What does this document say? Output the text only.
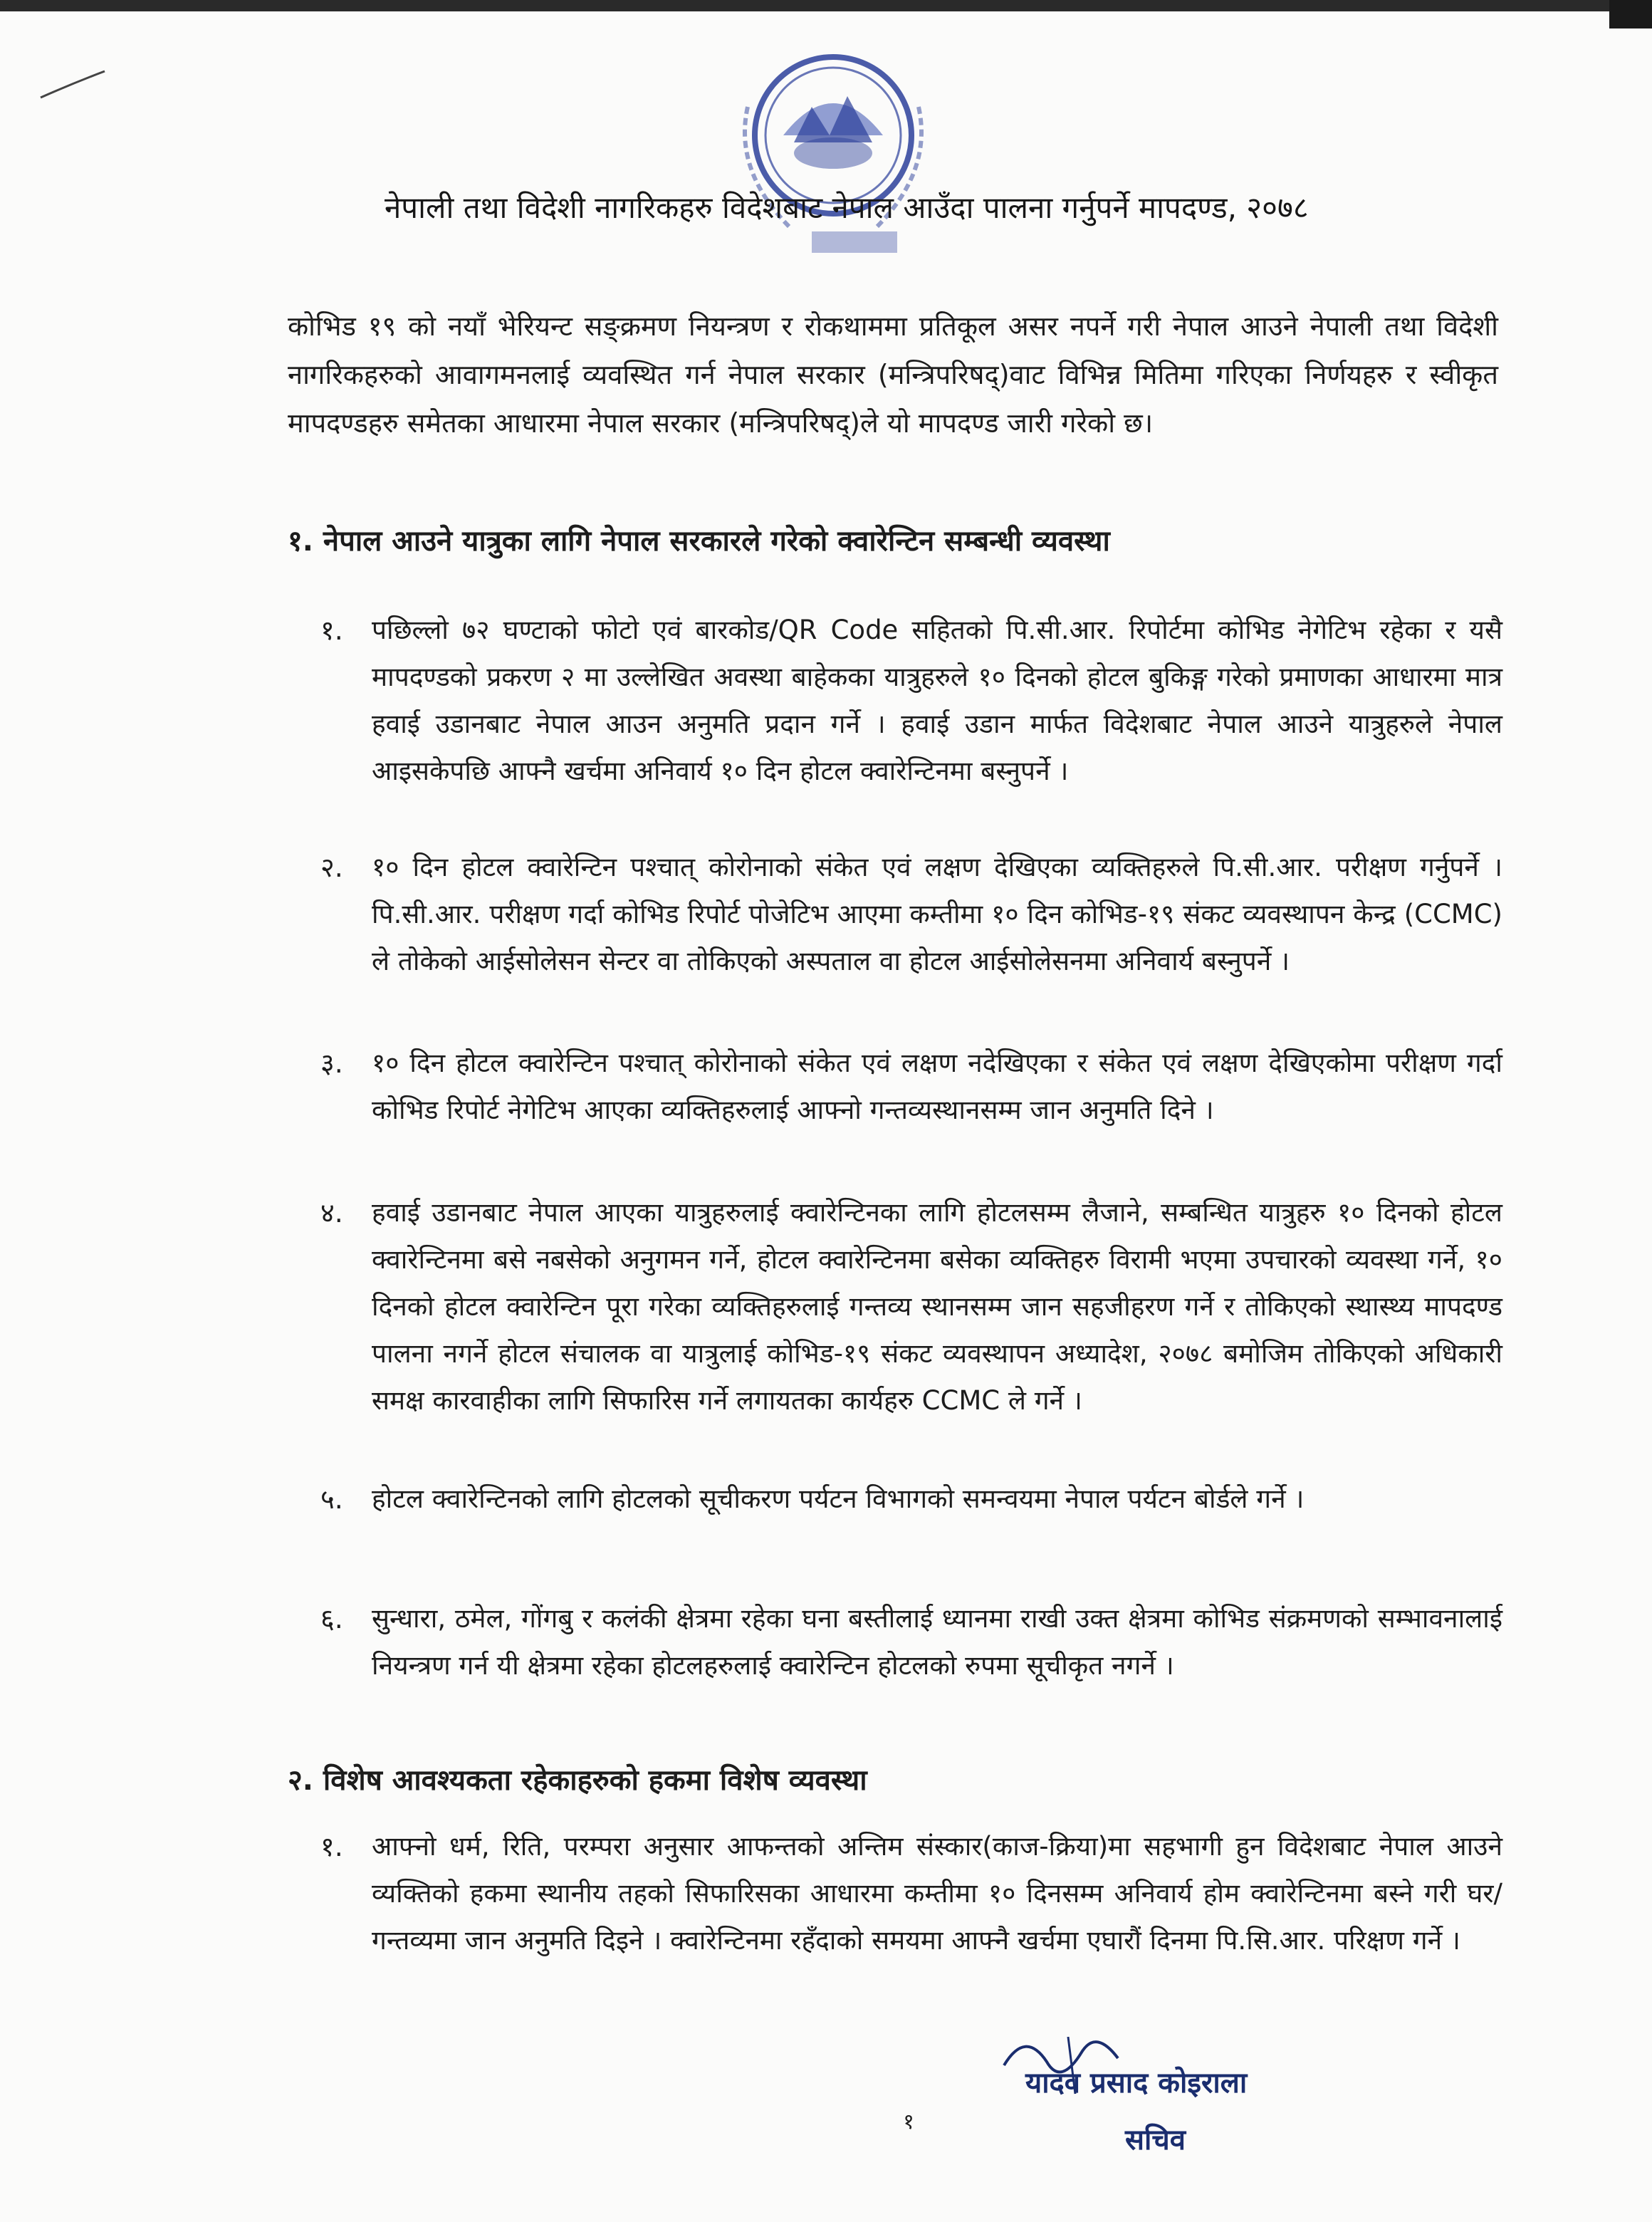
नेपाली तथा विदेशी नागरिकहरु विदेशबाट नेपाल आउँदा पालना गर्नुपर्ने मापदण्ड, २०७८
कोभिड १९ को नयाँ भेरियन्ट सङ्क्रमण नियन्त्रण र रोकथाममा प्रतिकूल असर नपर्ने गरी नेपाल आउने नेपाली तथा विदेशी नागरिकहरुको आवागमनलाई व्यवस्थित गर्न नेपाल सरकार (मन्त्रिपरिषद्)वाट विभिन्न मितिमा गरिएका निर्णयहरु र स्वीकृत मापदण्डहरु समेतका आधारमा नेपाल सरकार (मन्त्रिपरिषद्)ले यो मापदण्ड जारी गरेको छ।
१. नेपाल आउने यात्रुका लागि नेपाल सरकारले गरेको क्वारेन्टिन सम्बन्धी व्यवस्था
१.	पछिल्लो ७२ घण्टाको फोटो एवं बारकोड/QR Code सहितको पि.सी.आर. रिपोर्टमा कोभिड नेगेटिभ रहेका र यसै मापदण्डको प्रकरण २ मा उल्लेखित अवस्था बाहेकका यात्रुहरुले १० दिनको होटल बुकिङ्ग गरेको प्रमाणका आधारमा मात्र हवाई उडानबाट नेपाल आउन अनुमति प्रदान गर्ने । हवाई उडान मार्फत विदेशबाट नेपाल आउने यात्रुहरुले नेपाल आइसकेपछि आफ्नै खर्चमा अनिवार्य १० दिन होटल क्वारेन्टिनमा बस्नुपर्ने ।
२.	१० दिन होटल क्वारेन्टिन पश्चात् कोरोनाको संकेत एवं लक्षण देखिएका व्यक्तिहरुले पि.सी.आर. परीक्षण गर्नुपर्ने । पि.सी.आर. परीक्षण गर्दा कोभिड रिपोर्ट पोजेटिभ आएमा कम्तीमा १० दिन कोभिड-१९ संकट व्यवस्थापन केन्द्र (CCMC) ले तोकेको आईसोलेसन सेन्टर वा तोकिएको अस्पताल वा होटल आईसोलेसनमा अनिवार्य बस्नुपर्ने ।
३.	१० दिन होटल क्वारेन्टिन पश्चात् कोरोनाको संकेत एवं लक्षण नदेखिएका र संकेत एवं लक्षण देखिएकोमा परीक्षण गर्दा कोभिड रिपोर्ट नेगेटिभ आएका व्यक्तिहरुलाई आफ्नो गन्तव्यस्थानसम्म जान अनुमति दिने ।
४.	हवाई उडानबाट नेपाल आएका यात्रुहरुलाई क्वारेन्टिनका लागि होटलसम्म लैजाने, सम्बन्धित यात्रुहरु १० दिनको होटल क्वारेन्टिनमा बसे नबसेको अनुगमन गर्ने, होटल क्वारेन्टिनमा बसेका व्यक्तिहरु विरामी भएमा उपचारको व्यवस्था गर्ने, १० दिनको होटल क्वारेन्टिन पूरा गरेका व्यक्तिहरुलाई गन्तव्य स्थानसम्म जान सहजीहरण गर्ने र तोकिएको स्थास्थ्य मापदण्ड पालना नगर्ने होटल संचालक वा यात्रुलाई कोभिड-१९ संकट व्यवस्थापन अध्यादेश, २०७८ बमोजिम तोकिएको अधिकारी समक्ष कारवाहीका लागि सिफारिस गर्ने लगायतका कार्यहरु CCMC ले गर्ने ।
५.	होटल क्वारेन्टिनको लागि होटलको सूचीकरण पर्यटन विभागको समन्वयमा नेपाल पर्यटन बोर्डले गर्ने ।
६.	सुन्धारा, ठमेल, गोंगबु र कलंकी क्षेत्रमा रहेका घना बस्तीलाई ध्यानमा राखी उक्त क्षेत्रमा कोभिड संक्रमणको सम्भावनालाई नियन्त्रण गर्न यी क्षेत्रमा रहेका होटलहरुलाई क्वारेन्टिन होटलको रुपमा सूचीकृत नगर्ने ।
२. विशेष आवश्यकता रहेकाहरुको हकमा विशेष व्यवस्था
१.	आफ्नो धर्म, रिति, परम्परा अनुसार आफन्तको अन्तिम संस्कार(काज-क्रिया)मा सहभागी हुन विदेशबाट नेपाल आउने व्यक्तिको हकमा स्थानीय तहको सिफारिसका आधारमा कम्तीमा १० दिनसम्म अनिवार्य होम क्वारेन्टिनमा बस्ने गरी घर/गन्तव्यमा जान अनुमति दिइने । क्वारेन्टिनमा रहँदाको समयमा आफ्नै खर्चमा एघारौं दिनमा पि.सि.आर. परिक्षण गर्ने ।
यादव प्रसाद कोइराला
सचिव
१
